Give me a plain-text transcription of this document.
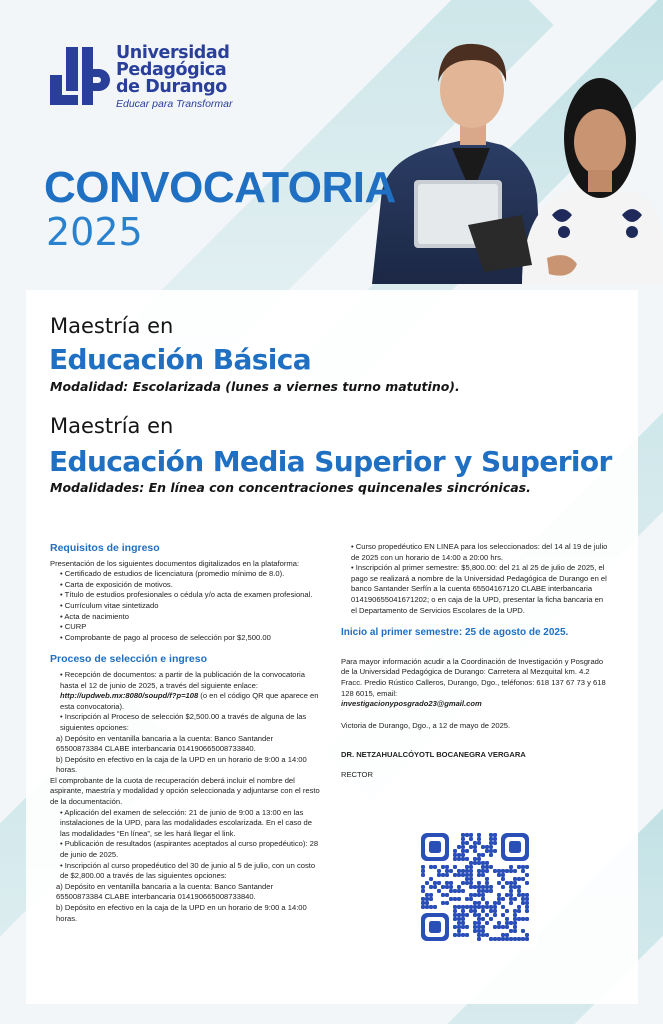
Universidad
Pedagógica
de Durango
Educar para Transformar
CONVOCATORIA
2025
Maestría en
Educación Básica
Modalidad: Escolarizada (lunes a viernes turno matutino).
Maestría en
Educación Media Superior y Superior
Modalidades: En línea con concentraciones quincenales sincrónicas.
Requisitos de ingreso

Presentación de los siguientes documentos digitalizados en la plataforma:

• Certificado de estudios de licenciatura (promedio mínimo de 8.0).

• Carta de exposición de motivos.

• Título de estudios profesionales o cédula y/o acta de examen profesional.

• Currículum vitae sintetizado

• Acta de nacimiento

• CURP

• Comprobante de pago al proceso de selección por $2,500.00

Proceso de selección e ingreso

• Recepción de documentos: a partir de la publicación de la convocatoria hasta el 12 de junio de 2025, a través del siguiente enlace: http://updweb.mx:8080/soupd/f?p=108 (o en el código QR que aparece en esta convocatoria).

• Inscripción al Proceso de selección $2,500.00 a través de alguna de las siguientes opciones:

a) Depósito en ventanilla bancaria a la cuenta: Banco Santander 65500873384 CLABE interbancaria 014190665008733840.

b) Depósito en efectivo en la caja de la UPD en un horario de 9:00 a 14:00 horas.

El comprobante de la cuota de recuperación deberá incluir el nombre del aspirante, maestría y modalidad y opción seleccionada y adjuntarse con el resto de la documentación.

• Aplicación del examen de selección: 21 de junio de 9:00 a 13:00 en las instalaciones de la UPD, para las modalidades escolarizada. En el caso de las modalidades “En línea”, se les hará llegar el link.

• Publicación de resultados (aspirantes aceptados al curso propedéutico): 28 de junio de 2025.

• Inscripción al curso propedéutico del 30 de junio al 5 de julio, con un costo de $2,800.00 a través de las siguientes opciones:

a) Depósito en ventanilla bancaria a la cuenta: Banco Santander 65500873384 CLABE interbancaria 014190665008733840.

b) Depósito en efectivo en la caja de la UPD en un horario de 9:00 a 14:00 horas.

• Curso propedéutico EN LINEA para los seleccionados: del 14 al 19 de julio de 2025 con un horario de 14:00 a 20:00 hrs.

• Inscripción al primer semestre: $5,800.00: del 21 al 25 de julio de 2025, el pago se realizará a nombre de la Universidad Pedagógica de Durango en el banco Santander Serfín a la cuenta 65504167120 CLABE interbancaria 014190655041671202; o en caja de la UPD, presentar la ficha bancaria en el Departamento de Servicios Escolares de la UPD.

Inicio al primer semestre: 25 de agosto de 2025.

Para mayor información acudir a la Coordinación de Investigación y Posgrado de la Universidad Pedagógica de Durango: Carretera al Mezquital km. 4.2 Fracc. Predio Rústico Calleros, Durango, Dgo., teléfonos: 618 137 67 73 y 618 128 6015, email:

investigacionyposgrado23@gmail.com

Victoria de Durango, Dgo., a 12 de mayo de 2025.

DR. NETZAHUALCÓYOTL BOCANEGRA VERGARA

RECTOR
